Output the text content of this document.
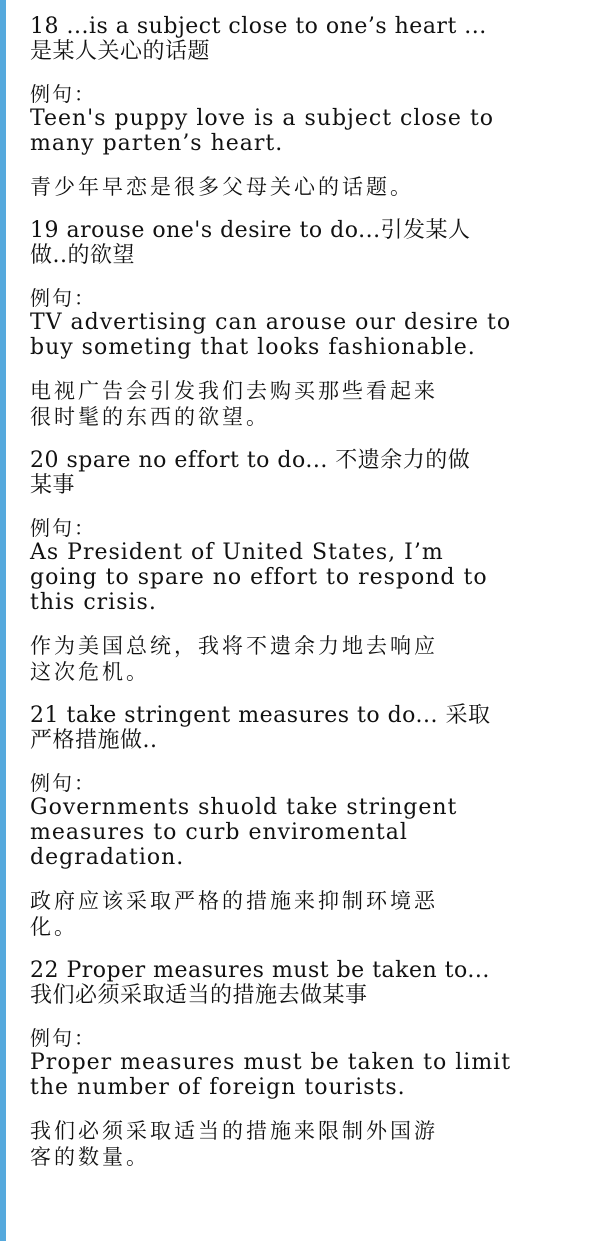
18 ...is a subject close to one’s heart ...
是某人关心的话题
例句：
Teen's puppy love is a subject close to
many parten’s heart.
青少年早恋是很多父母关心的话题。
19 arouse one's desire to do...引发某人
做..的欲望
例句：
TV advertising can arouse our desire to
buy someting that looks fashionable.
电视广告会引发我们去购买那些看起来
很时髦的东西的欲望。
20 spare no effort to do... 不遗余力的做
某事
例句：
As President of United States, I’m
going to spare no effort to respond to
this crisis.
作为美国总统，我将不遗余力地去响应
这次危机。
21 take stringent measures to do... 采取
严格措施做..
例句：
Governments shuold take stringent
measures to curb enviromental
degradation.
政府应该采取严格的措施来抑制环境恶
化。
22 Proper measures must be taken to...
我们必须采取适当的措施去做某事
例句：
Proper measures must be taken to limit
the number of foreign tourists.
我们必须采取适当的措施来限制外国游
客的数量。
